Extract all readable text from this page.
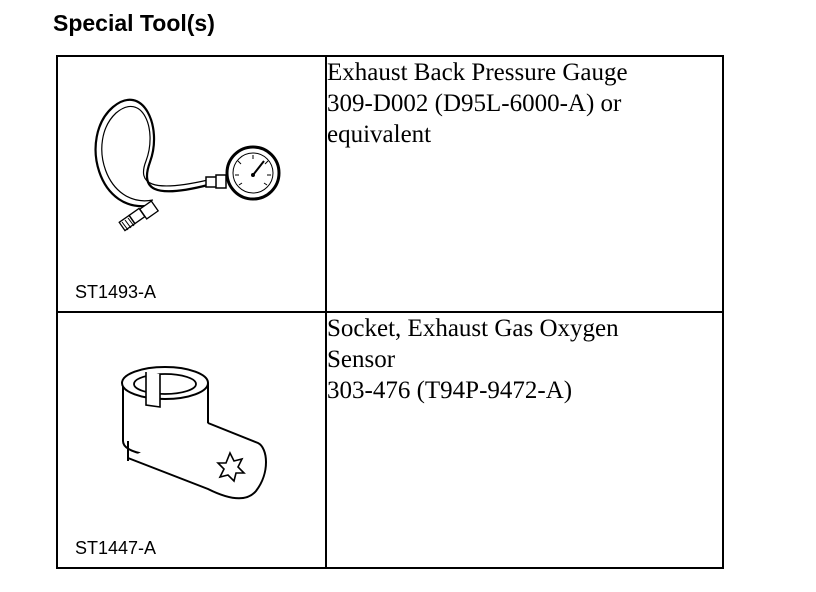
Special Tool(s)
ST1493-A	Exhaust Back Pressure Gauge
309-D002 (D95L-6000-A) or
equivalent

ST1447-A	Socket, Exhaust Gas Oxygen
Sensor
303-476 (T94P-9472-A)
